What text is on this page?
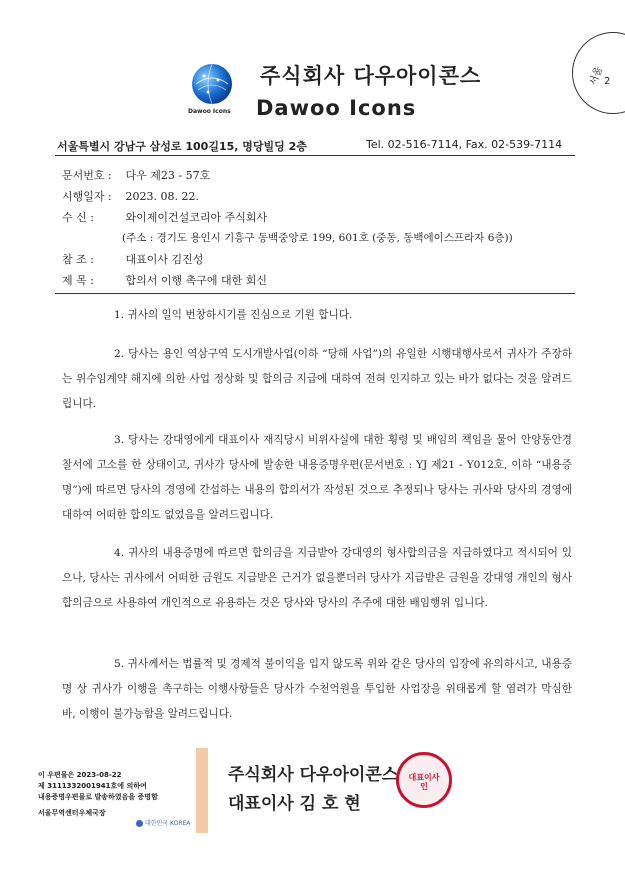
Dawoo Icons
주식회사 다우아이콘스
Dawoo Icons
서울
2
서울특별시 강남구 삼성로 100길15, 명당빌딩 2층	Tel. 02-516-7114, Fax. 02-539-7114
문서번호 : 다우 제23 - 57호
시행일자 : 2023. 08. 22.
수 신 :	와이제이건설코리아 주식회사
(주소 : 경기도 용인시 기흥구 동백중앙로 199, 601호 (중동, 동백에이스프라자 6층))
참 조 :	대표이사 김진성
제 목 :	합의서 이행 촉구에 대한 회신

1. 귀사의 일익 번창하시기를 진심으로 기원 합니다.

2. 당사는 용인 역삼구역 도시개발사업(이하 “당해 사업”)의 유일한 시행대행사로서 귀사가 주장하는 위수임계약 해지에 의한 사업 정상화 및 합의금 지급에 대하여 전혀 인지하고 있는 바가 없다는 것을 알려드립니다.

3. 당사는 강대영에게 대표이사 재직당시 비위사실에 대한 횡령 및 배임의 책임을 물어 안양동안경찰서에 고소를 한 상태이고, 귀사가 당사에 발송한 내용증명우편(문서번호 : YJ 제21 - Y012호, 이하 “내용증명”)에 따르면 당사의 경영에 간섭하는 내용의 합의서가 작성된 것으로 추정되나 당사는 귀사와 당사의 경영에 대하여 어떠한 합의도 없었음을 알려드립니다.

4. 귀사의 내용증명에 따르면 합의금을 지급받아 강대영의 형사합의금을 지급하였다고 적시되어 있으나, 당사는 귀사에서 어떠한 금원도 지급받은 근거가 없을뿐더러 당사가 지급받은 금원을 강대영 개인의 형사합의금으로 사용하여 개인적으로 유용하는 것은 당사와 당사의 주주에 대한 배임행위 입니다.

5. 귀사께서는 법률적 및 경제적 불이익을 입지 않도록 위와 같은 당사의 입장에 유의하시고, 내용증명 상 귀사가 이행을 촉구하는 이행사항들은 당사가 수천억원을 투입한 사업장을 위태롭게 할 염려가 막심한 바, 이행이 불가능함을 알려드립니다.

이 우편물은 2023-08-22
제 3111332001941호에 의하여
내용증명우편물로 발송하였음을 증명함
서울무역센터우체국장
대한민국 KOREA
주식회사 다우아이콘스
대표이사 김 호 현
대표이사인
